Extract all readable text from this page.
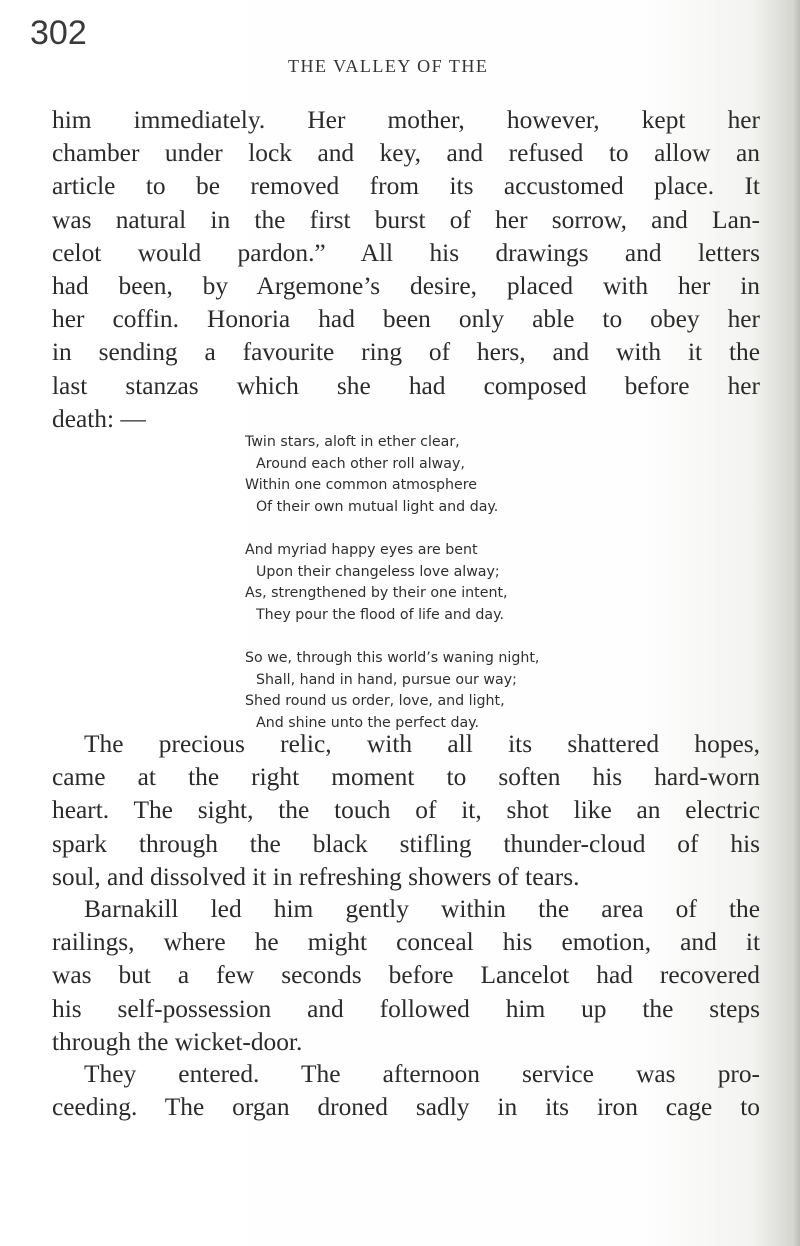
302
THE VALLEY OF THE
him immediately. Her mother, however, kept her
chamber under lock and key, and refused to allow an
article to be removed from its accustomed place. It
was natural in the first burst of her sorrow, and Lan-
celot would pardon.” All his drawings and letters
had been, by Argemone’s desire, placed with her in
her coffin. Honoria had been only able to obey her
in sending a favourite ring of hers, and with it the
last stanzas which she had composed before her
death: —
Twin stars, aloft in ether clear,
Around each other roll alway,
Within one common atmosphere
Of their own mutual light and day.
And myriad happy eyes are bent
Upon their changeless love alway;
As, strengthened by their one intent,
They pour the flood of life and day.
So we, through this world’s waning night,
Shall, hand in hand, pursue our way;
Shed round us order, love, and light,
And shine unto the perfect day.
The precious relic, with all its shattered hopes,
came at the right moment to soften his hard-worn
heart. The sight, the touch of it, shot like an electric
spark through the black stifling thunder-cloud of his
soul, and dissolved it in refreshing showers of tears.
Barnakill led him gently within the area of the
railings, where he might conceal his emotion, and it
was but a few seconds before Lancelot had recovered
his self-possession and followed him up the steps
through the wicket-door.
They entered. The afternoon service was pro-
ceeding. The organ droned sadly in its iron cage to
